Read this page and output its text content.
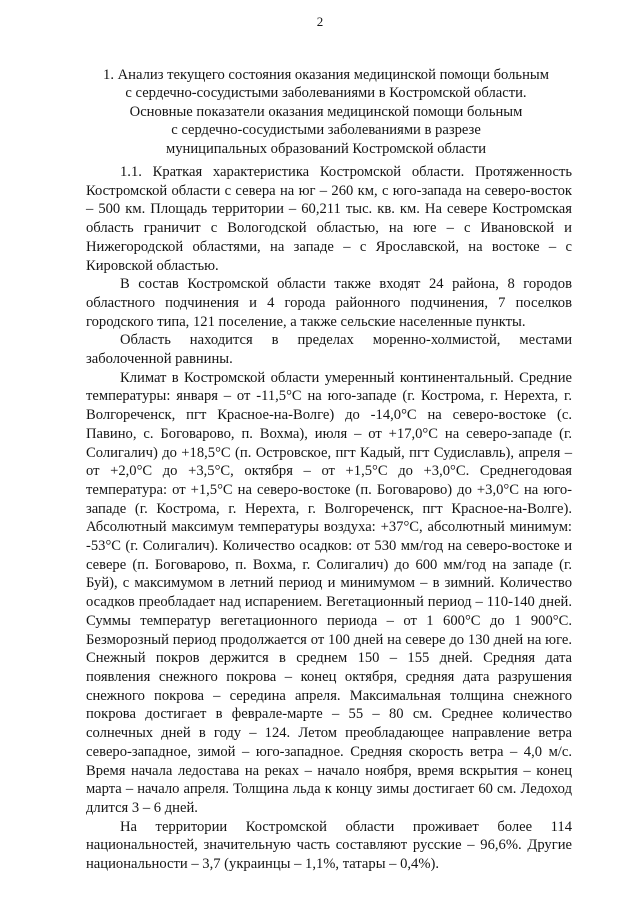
2
1. Анализ текущего состояния оказания медицинской помощи больным
с сердечно-сосудистыми заболеваниями в Костромской области.
Основные показатели оказания медицинской помощи больным
с сердечно-сосудистыми заболеваниями в разрезе
муниципальных образований Костромской области

1.1. Краткая характеристика Костромской области. Протяженность Костромской области с севера на юг – 260 км, с юго-запада на северо-восток – 500 км. Площадь территории – 60,211 тыс. кв. км. На севере Костромская область граничит с Вологодской областью, на юге – с Ивановской и Нижегородской областями, на западе – с Ярославской, на востоке – с Кировской областью.

В состав Костромской области также входят 24 района, 8 городов областного подчинения и 4 города районного подчинения, 7 поселков городского типа, 121 поселение, а также сельские населенные пункты.

Область находится в пределах моренно-холмистой, местами заболоченной равнины.

Климат в Костромской области умеренный континентальный. Средние температуры: января – от -11,5°С на юго-западе (г. Кострома, г. Нерехта, г. Волгореченск, пгт Красное-на-Волге) до -14,0°С на северо-востоке (с. Павино, с. Боговарово, п. Вохма), июля – от +17,0°С на северо-западе (г. Солигалич) до +18,5°С (п. Островское, пгт Кадый, пгт Судиславль), апреля – от +2,0°С до +3,5°С, октября – от +1,5°С до +3,0°С. Среднегодовая температура: от +1,5°С на северо-востоке (п. Боговарово) до +3,0°С на юго-западе (г. Кострома, г. Нерехта, г. Волгореченск, пгт Красное-на-Волге). Абсолютный максимум температуры воздуха: +37°С, абсолютный минимум: -53°С (г. Солигалич). Количество осадков: от 530 мм/год на северо-востоке и севере (п. Боговарово, п. Вохма, г. Солигалич) до 600 мм/год на западе (г. Буй), с максимумом в летний период и минимумом – в зимний. Количество осадков преобладает над испарением. Вегетационный период – 110-140 дней. Суммы температур вегетационного периода – от 1 600°С до 1 900°С. Безморозный период продолжается от 100 дней на севере до 130 дней на юге. Снежный покров держится в среднем 150 – 155 дней. Средняя дата появления снежного покрова – конец октября, средняя дата разрушения снежного покрова – середина апреля. Максимальная толщина снежного покрова достигает в феврале-марте – 55 – 80 см. Среднее количество солнечных дней в году – 124. Летом преобладающее направление ветра северо-западное, зимой – юго-западное. Средняя скорость ветра – 4,0 м/с. Время начала ледостава на реках – начало ноября, время вскрытия – конец марта – начало апреля. Толщина льда к концу зимы достигает 60 см. Ледоход длится 3 – 6 дней.

На территории Костромской области проживает более 114 национальностей, значительную часть составляют русские – 96,6%. Другие национальности – 3,7 (украинцы – 1,1%, татары – 0,4%).
